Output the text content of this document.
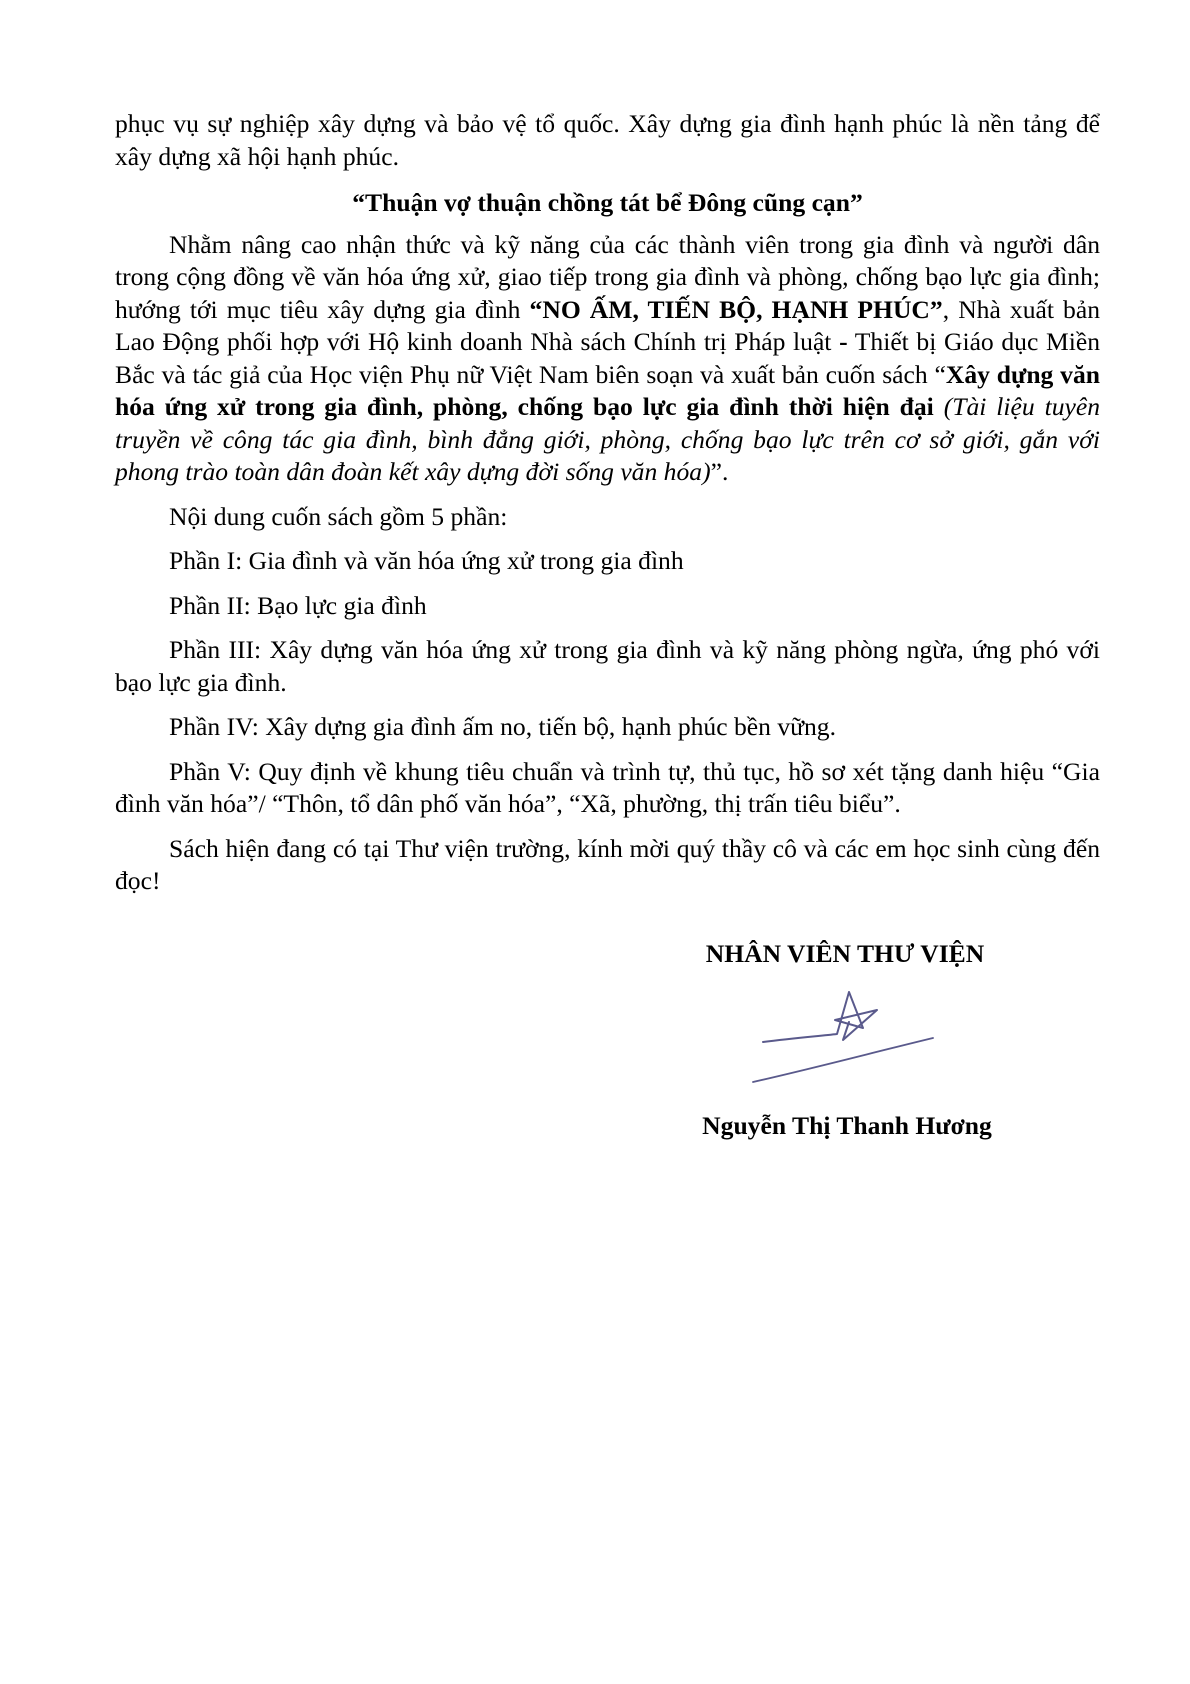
phục vụ sự nghiệp xây dựng và bảo vệ tổ quốc. Xây dựng gia đình hạnh phúc là nền tảng để xây dựng xã hội hạnh phúc.

“Thuận vợ thuận chồng tát bể Đông cũng cạn”

Nhằm nâng cao nhận thức và kỹ năng của các thành viên trong gia đình và người dân trong cộng đồng về văn hóa ứng xử, giao tiếp trong gia đình và phòng, chống bạo lực gia đình; hướng tới mục tiêu xây dựng gia đình “NO ẤM, TIẾN BỘ, HẠNH PHÚC”, Nhà xuất bản Lao Động phối hợp với Hộ kinh doanh Nhà sách Chính trị Pháp luật - Thiết bị Giáo dục Miền Bắc và tác giả của Học viện Phụ nữ Việt Nam biên soạn và xuất bản cuốn sách “Xây dựng văn hóa ứng xử trong gia đình, phòng, chống bạo lực gia đình thời hiện đại (Tài liệu tuyên truyền về công tác gia đình, bình đẳng giới, phòng, chống bạo lực trên cơ sở giới, gắn với phong trào toàn dân đoàn kết xây dựng đời sống văn hóa)”.

Nội dung cuốn sách gồm 5 phần:

Phần I: Gia đình và văn hóa ứng xử trong gia đình

Phần II: Bạo lực gia đình

Phần III: Xây dựng văn hóa ứng xử trong gia đình và kỹ năng phòng ngừa, ứng phó với bạo lực gia đình.

Phần IV: Xây dựng gia đình ấm no, tiến bộ, hạnh phúc bền vững.

Phần V: Quy định về khung tiêu chuẩn và trình tự, thủ tục, hồ sơ xét tặng danh hiệu “Gia đình văn hóa”/ “Thôn, tổ dân phố văn hóa”, “Xã, phường, thị trấn tiêu biểu”.

Sách hiện đang có tại Thư viện trường, kính mời quý thầy cô và các em học sinh cùng đến đọc!

NHÂN VIÊN THƯ VIỆN
Nguyễn Thị Thanh Hương
